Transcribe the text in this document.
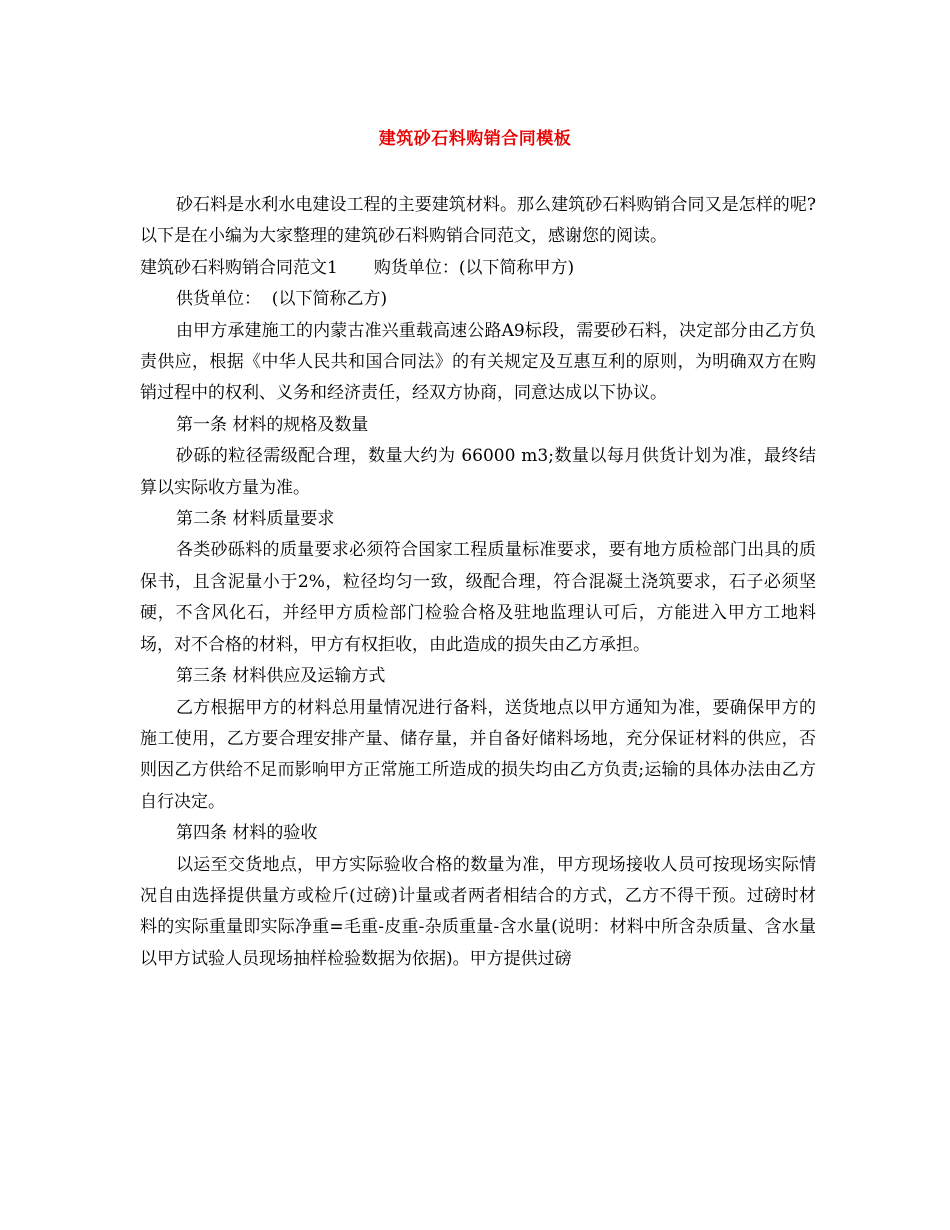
建筑砂石料购销合同模板

砂石料是水利水电建设工程的主要建筑材料。那么建筑砂石料购销合同又是怎样的呢?以下是在小编为大家整理的建筑砂石料购销合同范文，感谢您的阅读。

建筑砂石料购销合同范文1 购货单位：(以下简称甲方)

供货单位：  (以下简称乙方)

由甲方承建施工的内蒙古准兴重载高速公路A9标段，需要砂石料，决定部分由乙方负责供应，根据《中华人民共和国合同法》的有关规定及互惠互利的原则，为明确双方在购销过程中的权利、义务和经济责任，经双方协商，同意达成以下协议。

第一条 材料的规格及数量

砂砾的粒径需级配合理，数量大约为 66000 m3;数量以每月供货计划为准，最终结算以实际收方量为准。

第二条 材料质量要求

各类砂砾料的质量要求必须符合国家工程质量标准要求，要有地方质检部门出具的质保书，且含泥量小于2%，粒径均匀一致，级配合理，符合混凝土浇筑要求，石子必须坚硬，不含风化石，并经甲方质检部门检验合格及驻地监理认可后，方能进入甲方工地料场，对不合格的材料，甲方有权拒收，由此造成的损失由乙方承担。

第三条 材料供应及运输方式

乙方根据甲方的材料总用量情况进行备料，送货地点以甲方通知为准，要确保甲方的施工使用，乙方要合理安排产量、储存量，并自备好储料场地，充分保证材料的供应，否则因乙方供给不足而影响甲方正常施工所造成的损失均由乙方负责;运输的具体办法由乙方自行决定。

第四条 材料的验收

以运至交货地点，甲方实际验收合格的数量为准，甲方现场接收人员可按现场实际情况自由选择提供量方或检斤(过磅)计量或者两者相结合的方式，乙方不得干预。过磅时材料的实际重量即实际净重=毛重-皮重-杂质重量-含水量(说明：材料中所含杂质量、含水量以甲方试验人员现场抽样检验数据为依据)。甲方提供过磅
